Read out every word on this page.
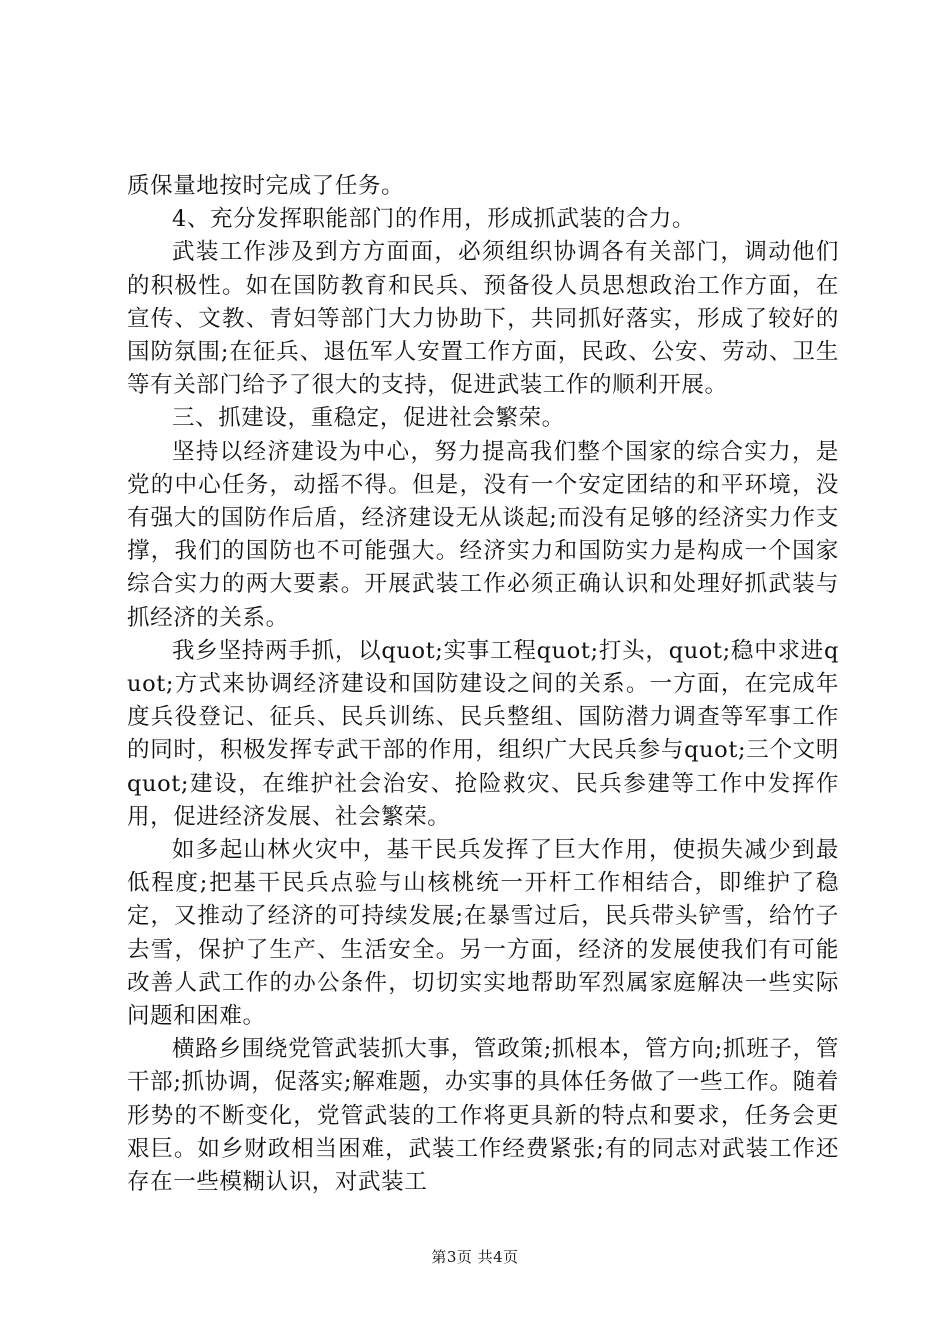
质保量地按时完成了任务。

4、充分发挥职能部门的作用，形成抓武装的合力。

武装工作涉及到方方面面，必须组织协调各有关部门，调动他们的积极性。如在国防教育和民兵、预备役人员思想政治工作方面，在宣传、文教、青妇等部门大力协助下，共同抓好落实，形成了较好的国防氛围;在征兵、退伍军人安置工作方面，民政、公安、劳动、卫生等有关部门给予了很大的支持，促进武装工作的顺利开展。

三、抓建设，重稳定，促进社会繁荣。

坚持以经济建设为中心，努力提高我们整个国家的综合实力，是党的中心任务，动摇不得。但是，没有一个安定团结的和平环境，没有强大的国防作后盾，经济建设无从谈起;而没有足够的经济实力作支撑，我们的国防也不可能强大。经济实力和国防实力是构成一个国家综合实力的两大要素。开展武装工作必须正确认识和处理好抓武装与抓经济的关系。

我乡坚持两手抓，以quot;实事工程quot;打头，quot;稳中求进quot;方式来协调经济建设和国防建设之间的关系。一方面，在完成年度兵役登记、征兵、民兵训练、民兵整组、国防潜力调查等军事工作的同时，积极发挥专武干部的作用，组织广大民兵参与quot;三个文明quot;建设，在维护社会治安、抢险救灾、民兵参建等工作中发挥作用，促进经济发展、社会繁荣。

如多起山林火灾中，基干民兵发挥了巨大作用，使损失减少到最低程度;把基干民兵点验与山核桃统一开杆工作相结合，即维护了稳定，又推动了经济的可持续发展;在暴雪过后，民兵带头铲雪，给竹子去雪，保护了生产、生活安全。另一方面，经济的发展使我们有可能改善人武工作的办公条件，切切实实地帮助军烈属家庭解决一些实际问题和困难。

横路乡围绕党管武装抓大事，管政策;抓根本，管方向;抓班子，管干部;抓协调，促落实;解难题，办实事的具体任务做了一些工作。随着形势的不断变化，党管武装的工作将更具新的特点和要求，任务会更艰巨。如乡财政相当困难，武装工作经费紧张;有的同志对武装工作还存在一些模糊认识，对武装工

第3页 共4页
